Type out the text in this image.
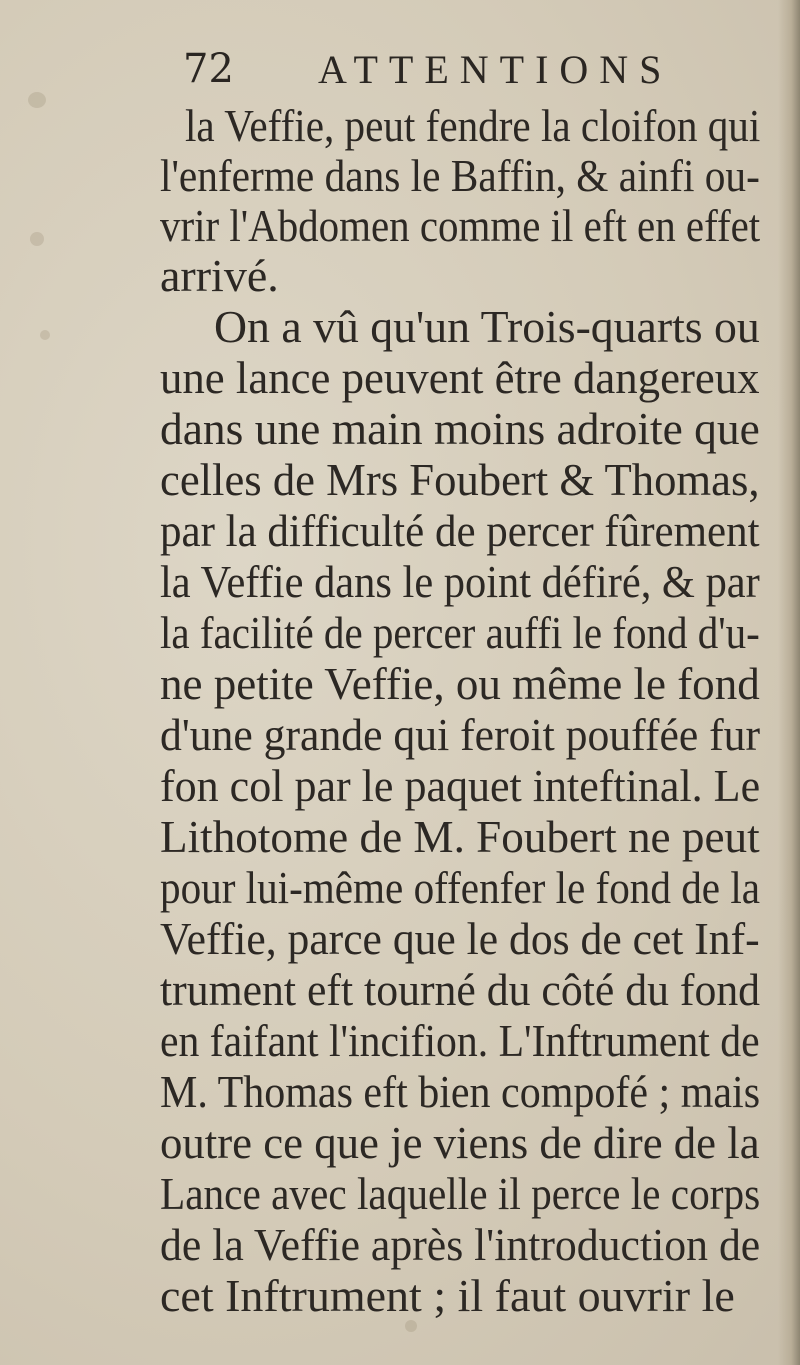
72 ATTENTIONS
la Veffie, peut fendre la cloifon qui
l'enferme dans le Baffin, & ainfi ou-
vrir l'Abdomen comme il eft en effet
arrivé.
On a vû qu'un Trois-quarts ou
une lance peuvent être dangereux
dans une main moins adroite que
celles de Mrs Foubert & Thomas,
par la difficulté de percer fûrement
la Veffie dans le point défiré, & par
la facilité de percer auffi le fond d'u-
ne petite Veffie, ou même le fond
d'une grande qui feroit pouffée fur
fon col par le paquet inteftinal. Le
Lithotome de M. Foubert ne peut
pour lui-même offenfer le fond de la
Veffie, parce que le dos de cet Inf-
trument eft tourné du côté du fond
en faifant l'incifion. L'Inftrument de
M. Thomas eft bien compofé ; mais
outre ce que je viens de dire de la
Lance avec laquelle il perce le corps
de la Veffie après l'introduction de
cet Inftrument ; il faut ouvrir le
